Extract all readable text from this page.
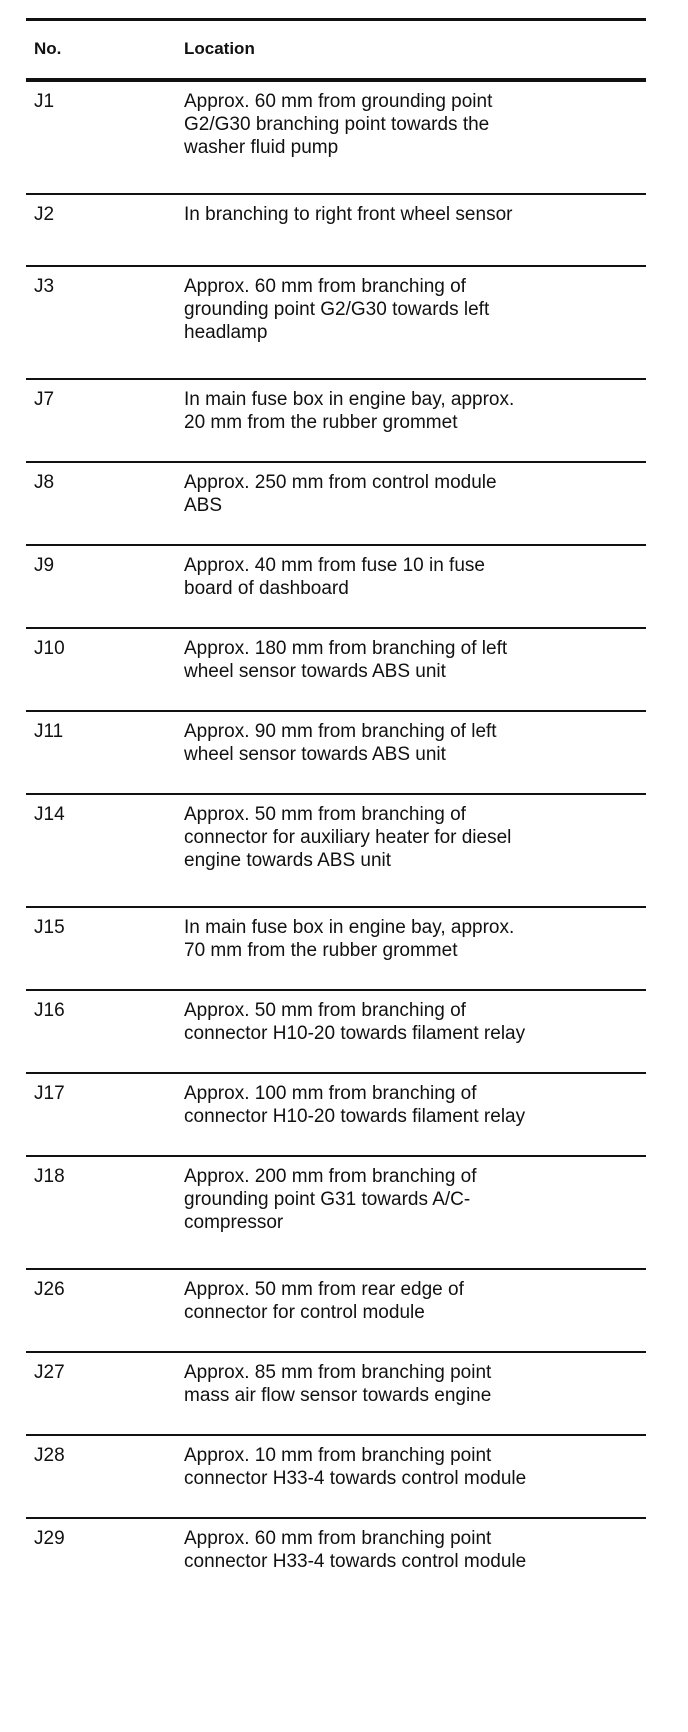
No.	Location
J1	Approx. 60 mm from grounding point
G2/G30 branching point towards the
washer fluid pump
J2	In branching to right front wheel sensor
J3	Approx. 60 mm from branching of
grounding point G2/G30 towards left
headlamp
J7	In main fuse box in engine bay, approx.
20 mm from the rubber grommet
J8	Approx. 250 mm from control module
ABS
J9	Approx. 40 mm from fuse 10 in fuse
board of dashboard
J10	Approx. 180 mm from branching of left
wheel sensor towards ABS unit
J11	Approx. 90 mm from branching of left
wheel sensor towards ABS unit
J14	Approx. 50 mm from branching of
connector for auxiliary heater for diesel
engine towards ABS unit
J15	In main fuse box in engine bay, approx.
70 mm from the rubber grommet
J16	Approx. 50 mm from branching of
connector H10-20 towards filament relay
J17	Approx. 100 mm from branching of
connector H10-20 towards filament relay
J18	Approx. 200 mm from branching of
grounding point G31 towards A/C-
compressor
J26	Approx. 50 mm from rear edge of
connector for control module
J27	Approx. 85 mm from branching point
mass air flow sensor towards engine
J28	Approx. 10 mm from branching point
connector H33-4 towards control module
J29	Approx. 60 mm from branching point
connector H33-4 towards control module
